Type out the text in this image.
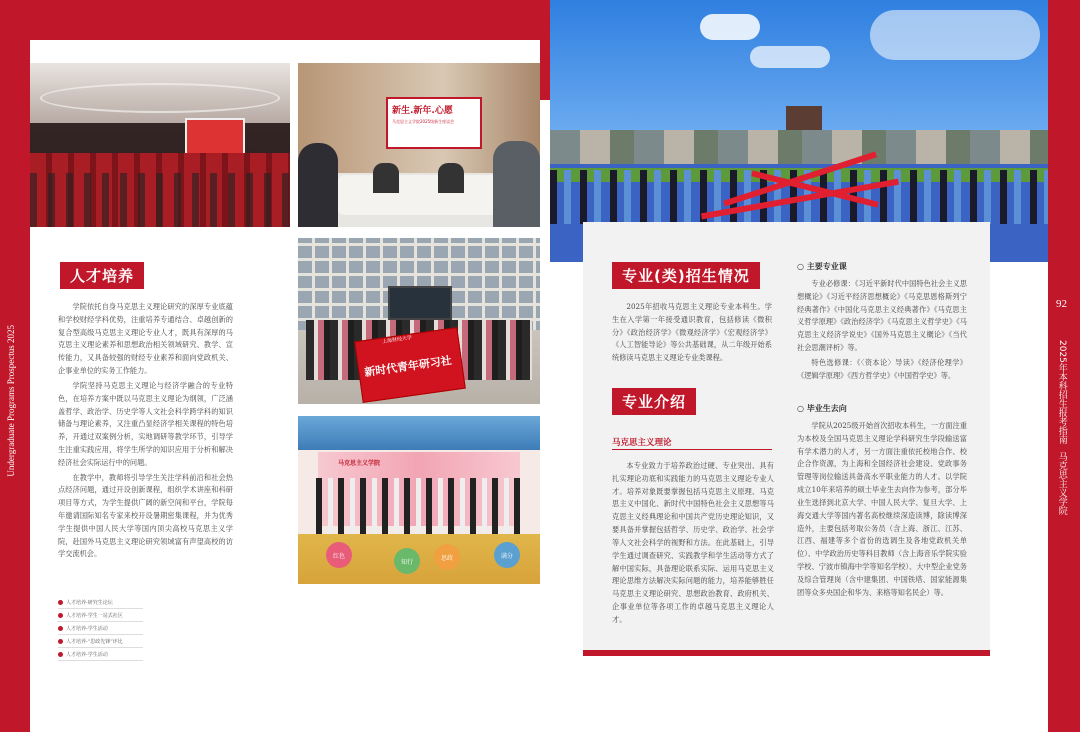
91
Undergraduate Programs Prospectus 2025
92
2025年本科招生报考指南
马克思主义学院
新生.新年.心愿
马克思主义学院2025级新生座谈会
上海财经大学
新时代青年研习社
马克思主义学院
红色
知行
思政	满分
人才培养

学院依托自身马克思主义理论研究的深厚专业底蕴和学校财经学科优势，注重培养专通结合、卓越创新的复合型高级马克思主义理论专业人才，既具有深厚的马克思主义理论素养和思想政治相关领域研究、教学、宣传能力，又具备较强的财经专业素养和面向党政机关、企事业单位的实务工作能力。

学院坚持马克思主义理论与经济学融合的专业特色，在培养方案中既以马克思主义理论为纲领，广泛涵盖哲学、政治学、历史学等人文社会科学跨学科的知识储备与理论素养，又注重凸显经济学相关课程的特色培养，开通过双案例分析，实地调研等教学环节，引导学生注重实践应用，将学生所学的知识应用于分析和解决经济社会实际运行中的问题。

在教学中，教师将引导学生关注学科前沿和社会热点经济问题，通过开设创新课程，组织学术讲座和科研项目等方式，为学生提供广阔的新空间和平台，学院每年邀请国际知名专家来校开设暑期密集课程，并为优秀学生提供中国人民大学等国内顶尖高校马克思主义学院，赴国外马克思主义理论研究领域富有声望高校的访学交流机会。

人才培养-研究生论坛
人才培养-学生一站式社区
人才培养-学生活动
人才培养-“思政先锋”评比
人才培养-学生活动
专业(类)招生情况

2025年招收马克思主义理论专业本科生。学生在入学第一年接受通识教育，包括修读《微积分》《政治经济学》《微观经济学》《宏观经济学》《人工智能导论》等公共基础课，从二年级开始系统修读马克思主义理论专业类课程。

专业介绍
马克思主义理论

本专业致力于培养政治过硬、专业突出、具有扎实理论功底和实践能力的马克思主义理论专业人才。培养对象既要掌握包括马克思主义原理、马克思主义中国化、新时代中国特色社会主义思想等马克思主义经典理论和中国共产党历史理论知识，又要具备并掌握包括哲学、历史学、政治学、社会学等人文社会科学的视野和方法。在此基础上，引导学生通过调查研究、实践教学和学生活动等方式了解中国实际，具备理论联系实际、运用马克思主义理论思维方法解决实际问题的能力，培养能够胜任马克思主义理论研究、思想政治教育、政府机关、企事业单位等各项工作的卓越马克思主义理论人才。

○ 主要专业课

专业必修课：《习近平新时代中国特色社会主义思想概论》《习近平经济思想概论》《马克思恩格斯列宁经典著作》《中国化马克思主义经典著作》《马克思主义哲学原理》《政治经济学》《马克思主义哲学史》《马克思主义经济学说史》《国外马克思主义概论》《当代社会思潮评析》等。

特色选修课：《〈资本论〉导读》《经济伦理学》《逻辑学原理》《西方哲学史》《中国哲学史》等。

○ 毕业生去向

学院从2025级开始首次招收本科生，一方面注重为本校及全国马克思主义理论学科研究生学段输送富有学术潜力的人才，另一方面注重依托校地合作、校企合作资源，为上海和全国经济社会建设、党政事务管理等岗位输送具备高水平职业能力的人才。以学院成立10年来培养的硕士毕业生去向作为参考，部分毕业生选择到北京大学、中国人民大学、复旦大学、上海交通大学等国内著名高校继续深造读博，除读博深造外，主要包括考取公务员（含上海、浙江、江苏、江西、福建等多个省份的选调生及各地党政机关单位）、中学政治历史等科目教师（含上海音乐学院实验学校、宁波市镇海中学等知名学校）、大中型企业党务及综合管理岗（含中建集团、中国铁塔、国家能源集团等众多央国企和华为、来格等知名民企）等。
